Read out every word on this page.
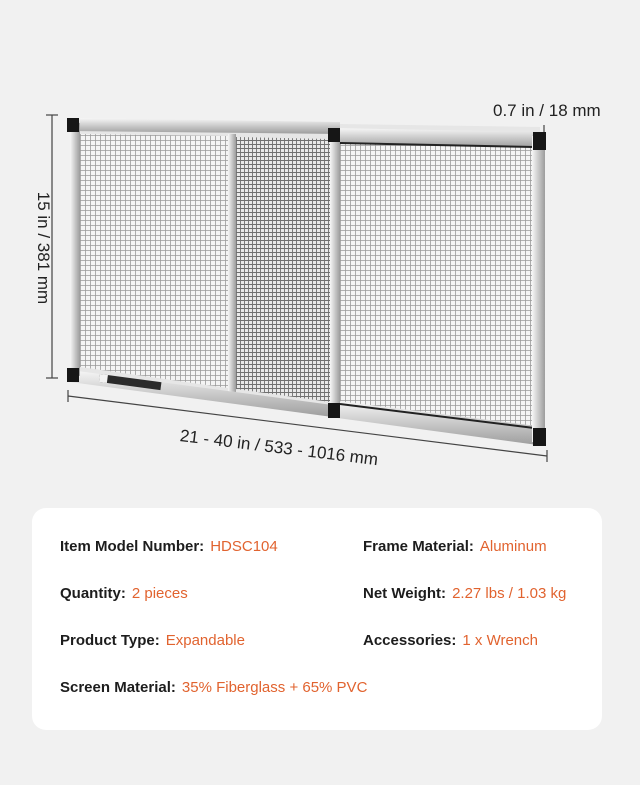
0.7 in / 18 mm
15 in / 381 mm
21 - 40 in / 533 - 1016 mm
Item Model Number: HDSC104	Frame Material: Aluminum
Quantity: 2 pieces	Net Weight: 2.27 lbs / 1.03 kg
Product Type: Expandable	Accessories: 1 x Wrench
Screen Material: 35% Fiberglass + 65% PVC
